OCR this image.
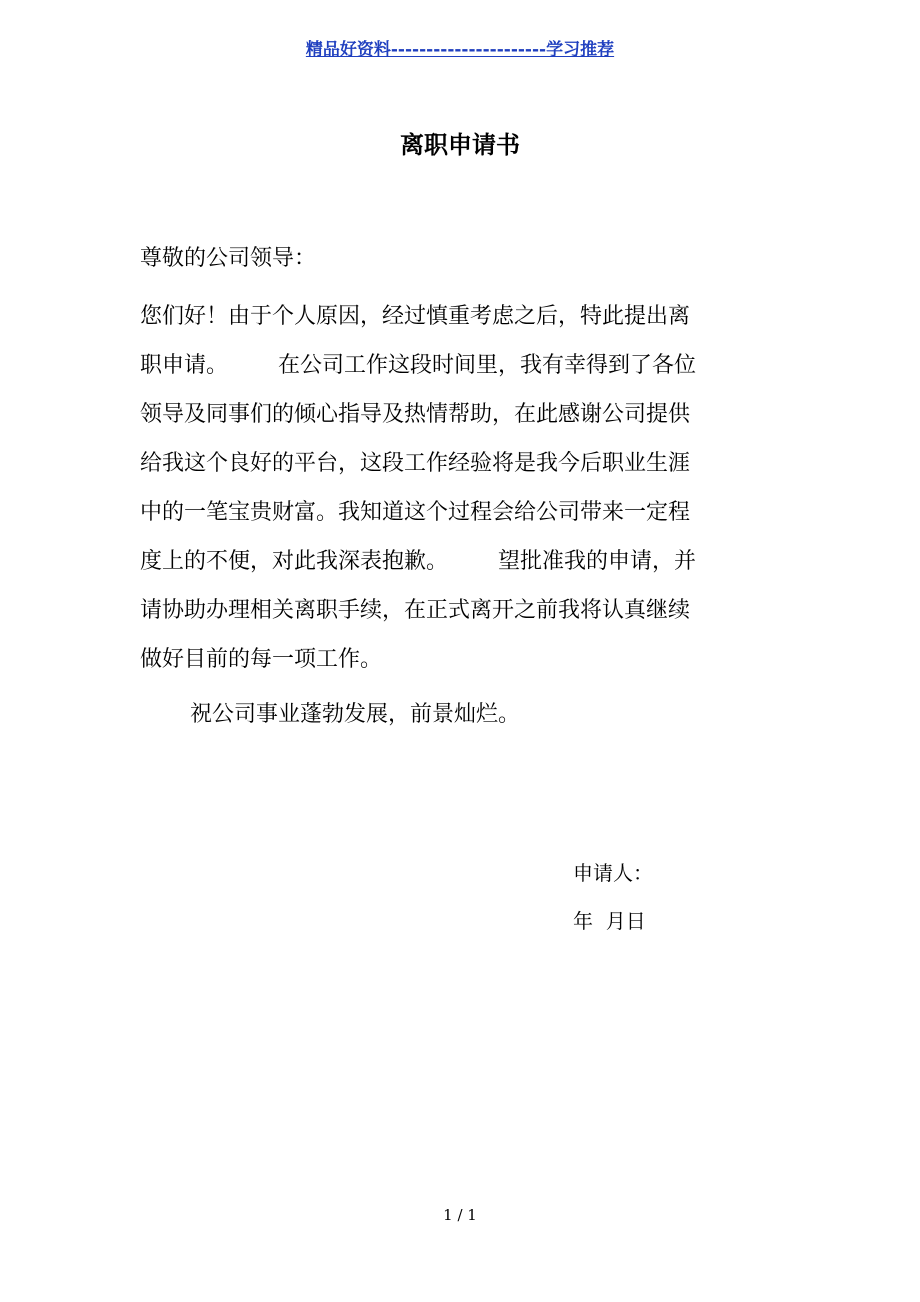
精品好资料----------------------学习推荐
离职申请书
尊敬的公司领导：
您们好！由于个人原因，经过慎重考虑之后，特此提出离
职申请。 在公司工作这段时间里，我有幸得到了各位
领导及同事们的倾心指导及热情帮助，在此感谢公司提供
给我这个良好的平台，这段工作经验将是我今后职业生涯
中的一笔宝贵财富。我知道这个过程会给公司带来一定程
度上的不便，对此我深表抱歉。 望批准我的申请，并
请协助办理相关离职手续，在正式离开之前我将认真继续
做好目前的每一项工作。
祝公司事业蓬勃发展，前景灿烂。
申请人：
年  月日
1 / 1
